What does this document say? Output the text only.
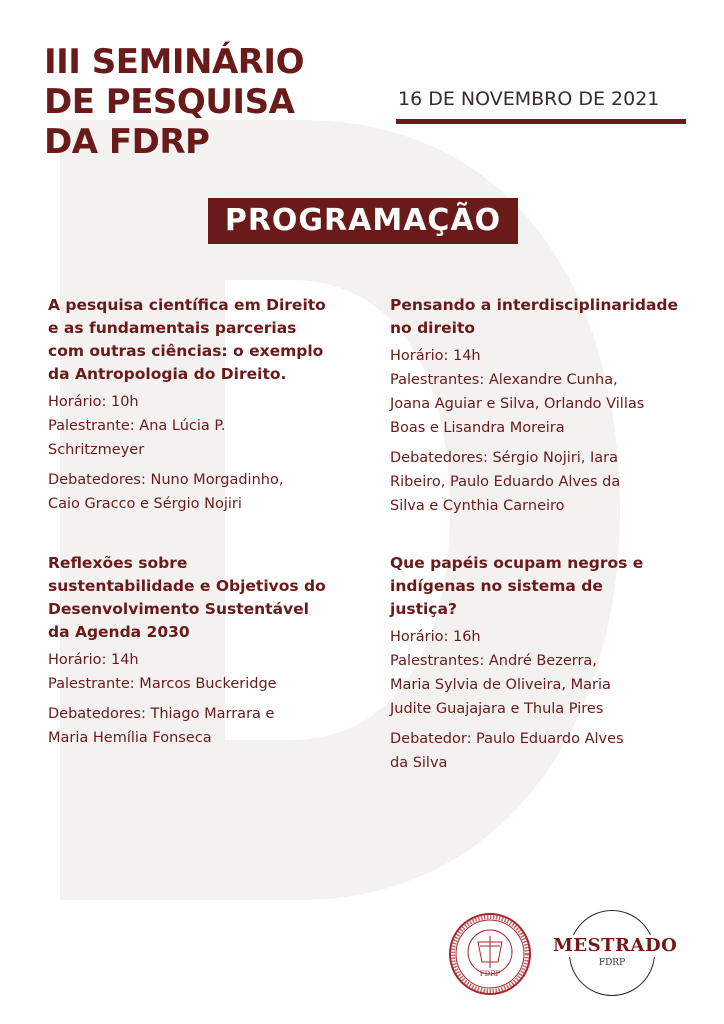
III SEMINÁRIO
DE PESQUISA
DA FDRP
16 DE NOVEMBRO DE 2021
PROGRAMAÇÃO
A pesquisa científica em Direito
e as fundamentais parcerias
com outras ciências: o exemplo
da Antropologia do Direito.
Horário: 10h
Palestrante: Ana Lúcia P.
Schritzmeyer
Debatedores: Nuno Morgadinho,
Caio Gracco e Sérgio Nojiri
Pensando a interdisciplinaridade
no direito
Horário: 14h
Palestrantes: Alexandre Cunha,
Joana Aguiar e Silva, Orlando Villas
Boas e Lisandra Moreira
Debatedores: Sérgio Nojiri, Iara
Ribeiro, Paulo Eduardo Alves da
Silva e Cynthia Carneiro
Reflexões sobre
sustentabilidade e Objetivos do
Desenvolvimento Sustentável
da Agenda 2030
Horário: 14h
Palestrante: Marcos Buckeridge
Debatedores: Thiago Marrara e
Maria Hemília Fonseca
Que papéis ocupam negros e
indígenas no sistema de
justiça?
Horário: 16h
Palestrantes: André Bezerra,
Maria Sylvia de Oliveira, Maria
Judite Guajajara e Thula Pires
Debatedor: Paulo Eduardo Alves
da Silva
FDRP
MESTRADO
FDRP
